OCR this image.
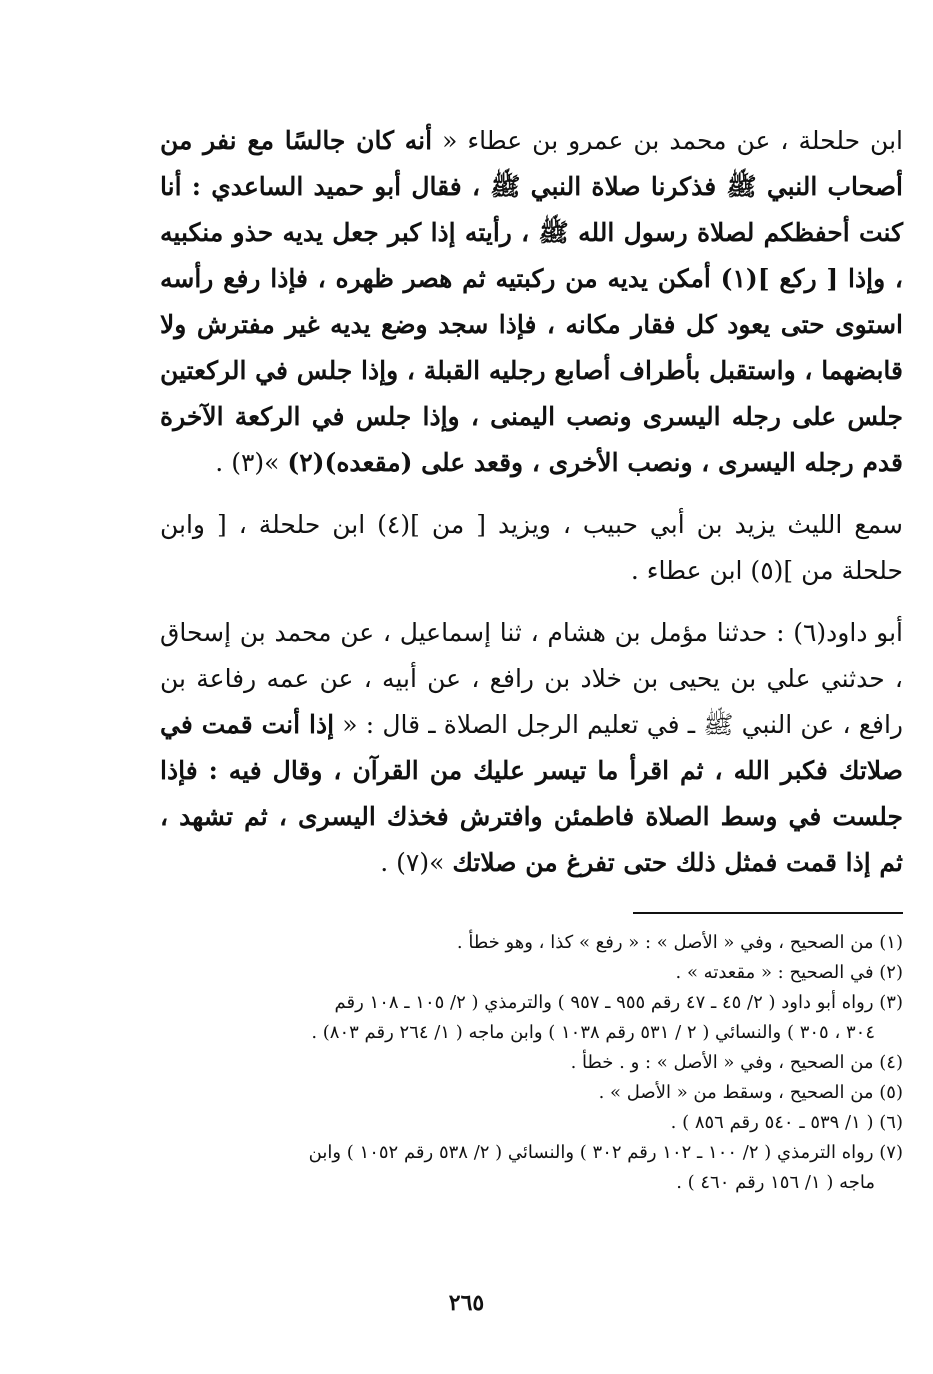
ابن حلحلة ، عن محمد بن عمرو بن عطاء « أنه كان جالسًا مع نفر من أصحاب النبي ﷺ فذكرنا صلاة النبي ﷺ ، فقال أبو حميد الساعدي : أنا كنت أحفظكم لصلاة رسول الله ﷺ ، رأيته إذا كبر جعل يديه حذو منكبيه ، وإذا [ ركع ](١) أمكن يديه من ركبتيه ثم هصر ظهره ، فإذا رفع رأسه استوى حتى يعود كل فقار مكانه ، فإذا سجد وضع يديه غير مفترش ولا قابضهما ، واستقبل بأطراف أصابع رجليه القبلة ، وإذا جلس في الركعتين جلس على رجله اليسرى ونصب اليمنى ، وإذا جلس في الركعة الآخرة قدم رجله اليسرى ، ونصب الأخرى ، وقعد على (مقعده)(٢) »(٣) .

سمع الليث يزيد بن أبي حبيب ، ويزيد [ من ](٤) ابن حلحلة ، [ وابن حلحلة من ](٥) ابن عطاء .

أبو داود(٦) : حدثنا مؤمل بن هشام ، ثنا إسماعيل ، عن محمد بن إسحاق ، حدثني علي بن يحيى بن خلاد بن رافع ، عن أبيه ، عن عمه رفاعة بن رافع ، عن النبي ﷺ ـ في تعليم الرجل الصلاة ـ قال : « إذا أنت قمت في صلاتك فكبر الله ، ثم اقرأ ما تيسر عليك من القرآن ، وقال فيه : فإذا جلست في وسط الصلاة فاطمئن وافترش فخذك اليسرى ، ثم تشهد ، ثم إذا قمت فمثل ذلك حتى تفرغ من صلاتك »(٧) .

(١) من الصحيح ، وفي « الأصل » : « رفع » كذا ، وهو خطأ .

(٢) في الصحيح : « مقعدته » .

(٣) رواه أبو داود ( ٢/ ٤٥ ـ ٤٧ رقم ٩٥٥ ـ ٩٥٧ ) والترمذي ( ٢/ ١٠٥ ـ ١٠٨ رقم
٣٠٤ ، ٣٠٥ ) والنسائي ( ٢ / ٥٣١ رقم ١٠٣٨ ) وابن ماجه ( ١/ ٢٦٤ رقم ٨٠٣) .

(٤) من الصحيح ، وفي « الأصل » : و . خطأ .

(٥) من الصحيح ، وسقط من « الأصل » .

(٦) ( ١/ ٥٣٩ ـ ٥٤٠ رقم ٨٥٦ ) .

(٧) رواه الترمذي ( ٢/ ١٠٠ ـ ١٠٢ رقم ٣٠٢ ) والنسائي ( ٢/ ٥٣٨ رقم ١٠٥٢ ) وابن
ماجه ( ١/ ١٥٦ رقم ٤٦٠ ) .

٢٦٥
